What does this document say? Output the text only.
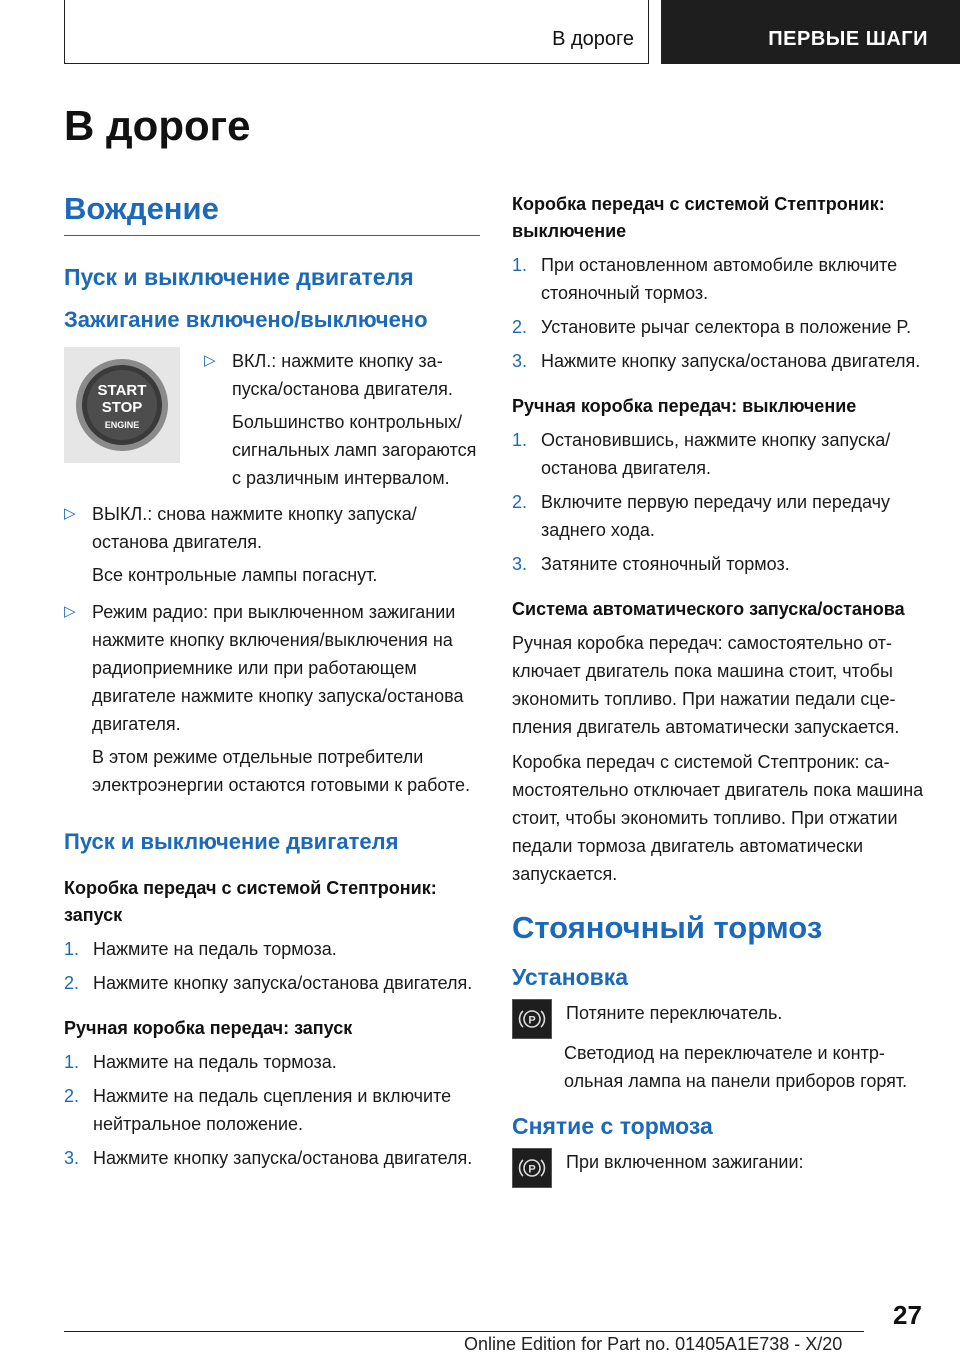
В дороге	ПЕРВЫЕ ШАГИ
В дороге
Вождение
Пуск и выключение двигателя
Зажигание включено/выключено
START
STOP
ENGINE
▷ ВКЛ.: нажмите кнопку запуска/останова двигателя.
Большинство контрольных/сигнальных ламп загораются с различным интервалом.
▷ ВЫКЛ.: снова нажмите кнопку запуска/останова двигателя.
Все контрольные лампы погаснут.
▷ Режим радио: при выключенном зажигании нажмите кнопку включения/выключения на радиоприемнике или при работающем двигателе нажмите кнопку запуска/останова двигателя.
В этом режиме отдельные потребители электроэнергии остаются готовыми к работе.
Пуск и выключение двигателя
Коробка передач с системой Стептроник: запуск
1. Нажмите на педаль тормоза.
2. Нажмите кнопку запуска/останова двигателя.
Ручная коробка передач: запуск
1. Нажмите на педаль тормоза.
2. Нажмите на педаль сцепления и включите нейтральное положение.
3. Нажмите кнопку запуска/останова двигателя.
Коробка передач с системой Стептроник: выключение
1. При остановленном автомобиле включите стояночный тормоз.
2. Установите рычаг селектора в положение P.
3. Нажмите кнопку запуска/останова двигателя.
Ручная коробка передач: выключение
1. Остановившись, нажмите кнопку запуска/останова двигателя.
2. Включите первую передачу или передачу заднего хода.
3. Затяните стояночный тормоз.
Система автоматического запуска/останова

Ручная коробка передач: самостоятельно отключает двигатель пока машина стоит, чтобы экономить топливо. При нажатии педали сцепления двигатель автоматически запускается.

Коробка передач с системой Стептроник: самостоятельно отключает двигатель пока машина стоит, чтобы экономить топливо. При отжатии педали тормоза двигатель автоматически запускается.

Стояночный тормоз
Установка
P Потяните переключатель.

Светодиод на переключателе и контрольная лампа на панели приборов горят.

Снятие с тормоза
P При включенном зажигании:

27
Online Edition for Part no. 01405A1E738 - X/20
